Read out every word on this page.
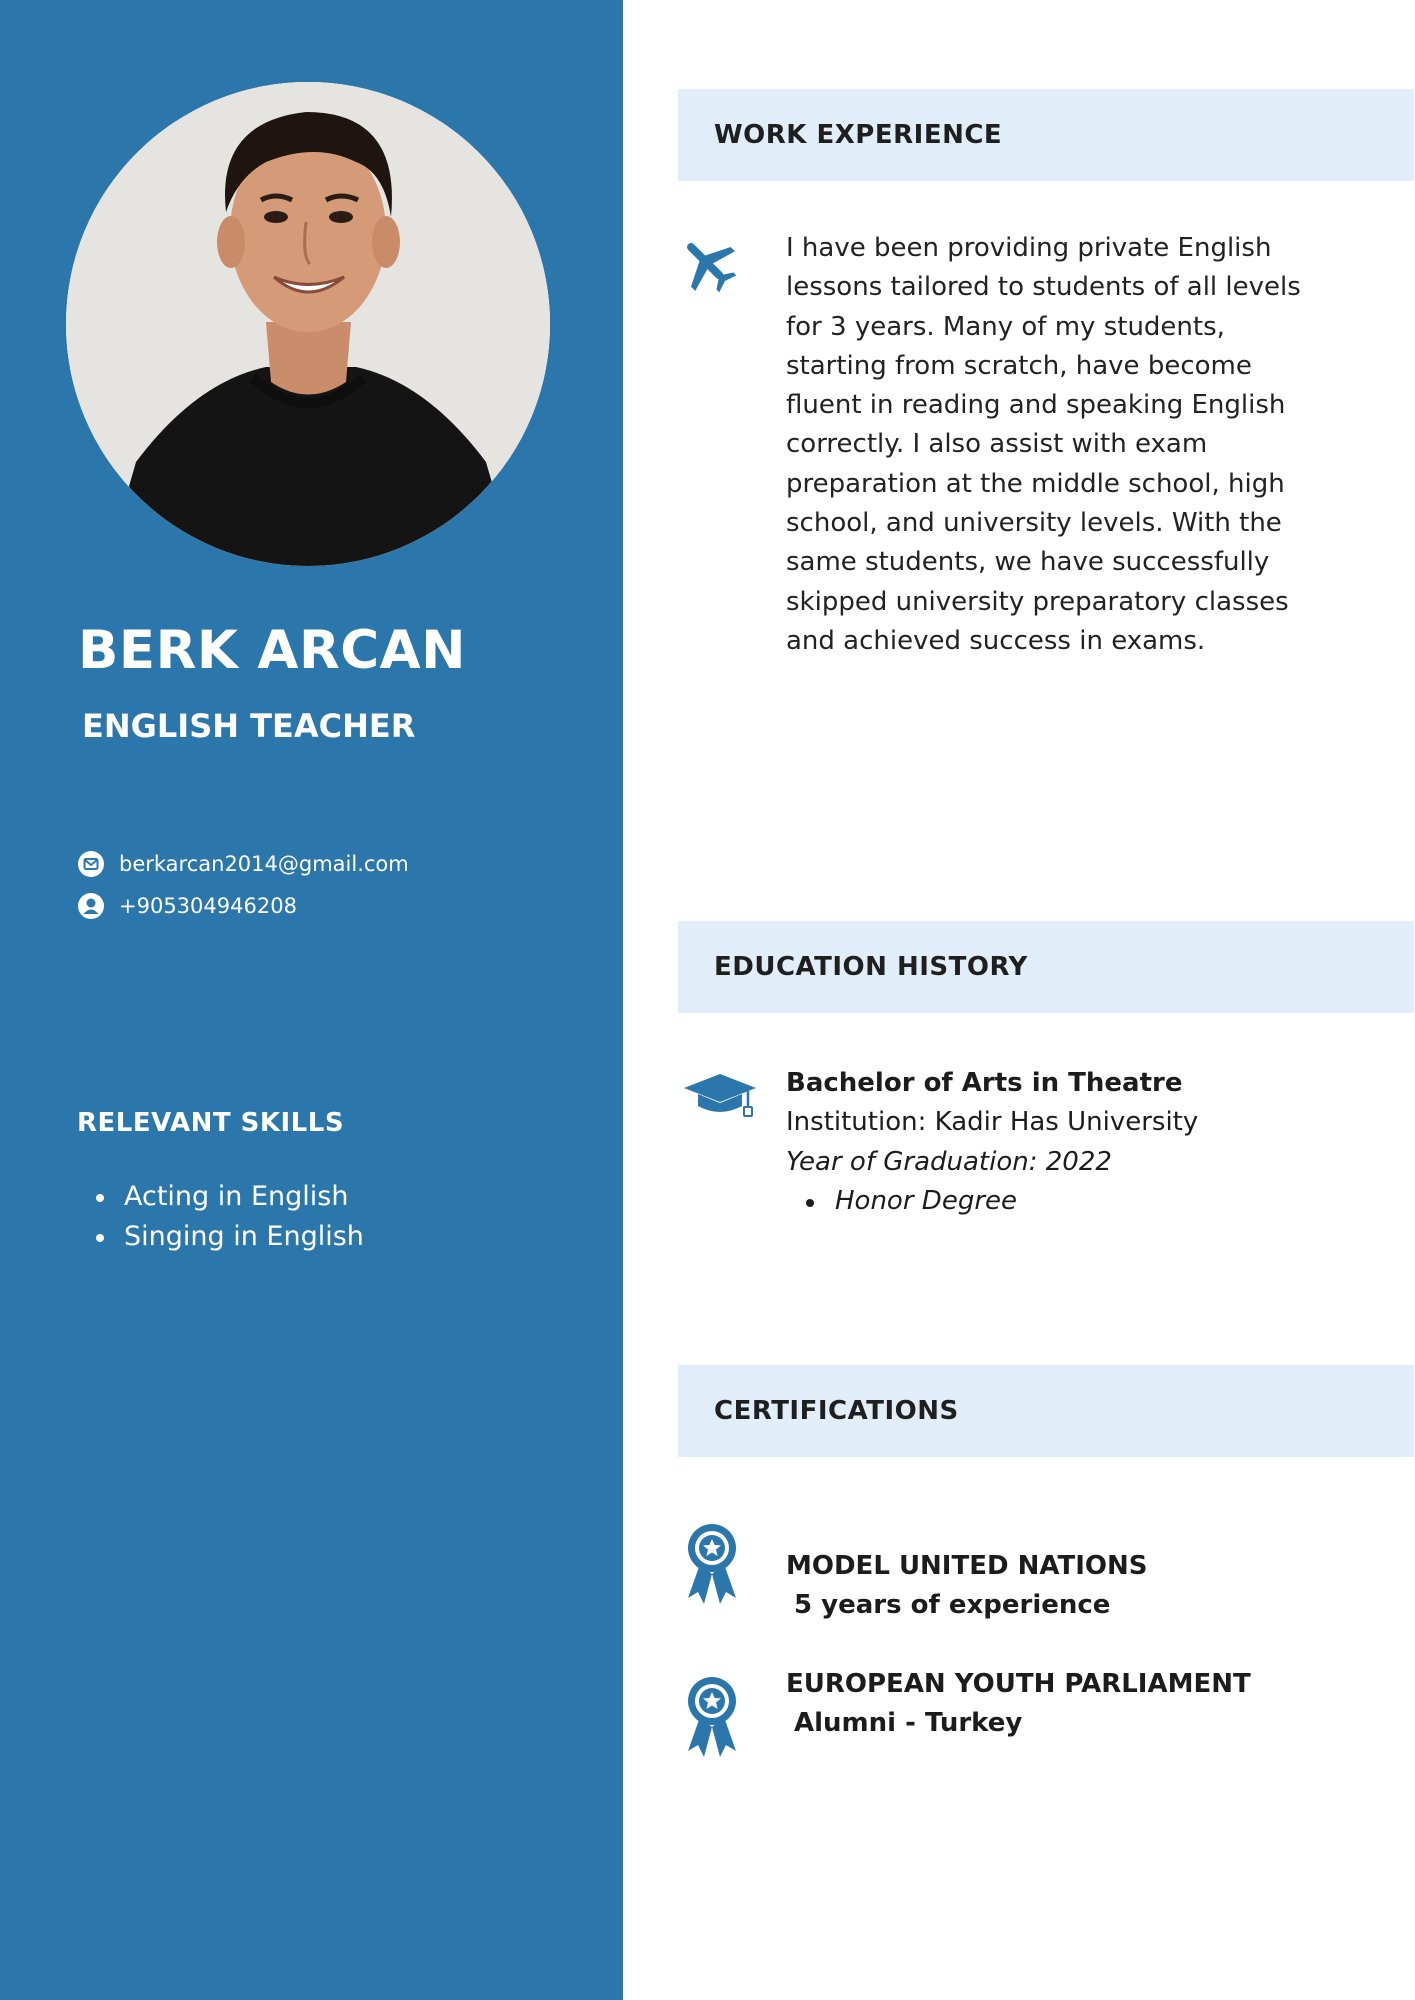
BERK ARCAN
ENGLISH TEACHER
berkarcan2014@gmail.com
+905304946208
RELEVANT SKILLS
Acting in English
Singing in English
WORK EXPERIENCE

I have been providing private English lessons tailored to students of all levels for 3 years. Many of my students, starting from scratch, have become fluent in reading and speaking English correctly. I also assist with exam preparation at the middle school, high school, and university levels. With the same students, we have successfully skipped university preparatory classes and achieved success in exams.

EDUCATION HISTORY
Bachelor of Arts in Theatre
Institution: Kadir Has University
Year of Graduation: 2022
Honor Degree
CERTIFICATIONS
MODEL UNITED NATIONS
5 years of experience
EUROPEAN YOUTH PARLIAMENT
Alumni - Turkey
